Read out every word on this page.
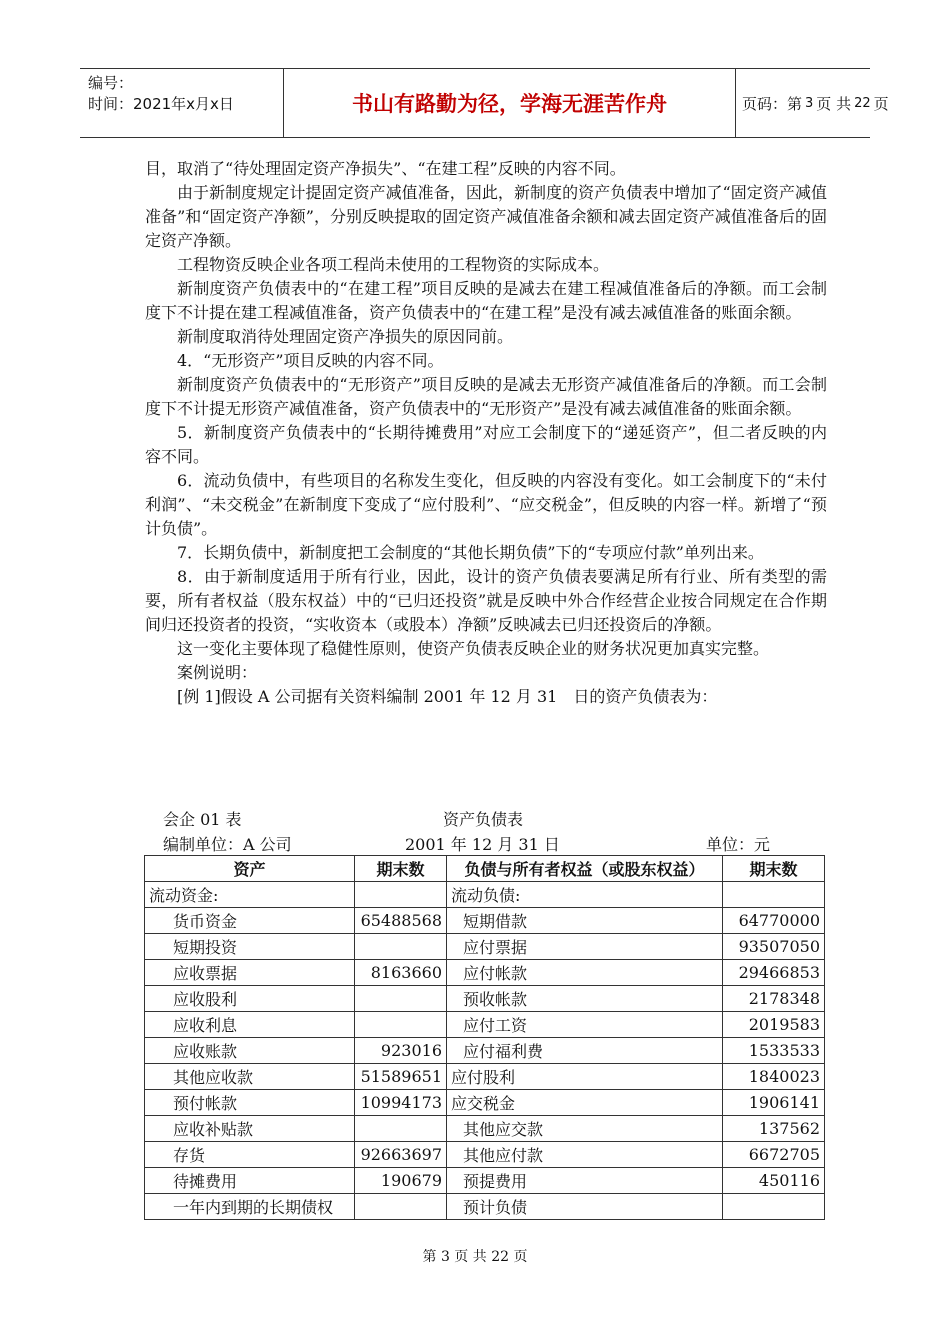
编号：
时间：2021年x月x日	书山有路勤为径，学海无涯苦作舟	页码：第 3 页 共 22 页

目，取消了“待处理固定资产净损失”、“在建工程”反映的内容不同。

由于新制度规定计提固定资产减值准备，因此，新制度的资产负债表中增加了“固定资产减值准备”和“固定资产净额”，分别反映提取的固定资产减值准备余额和减去固定资产减值准备后的固定资产净额。

工程物资反映企业各项工程尚未使用的工程物资的实际成本。

新制度资产负债表中的“在建工程”项目反映的是减去在建工程减值准备后的净额。而工会制度下不计提在建工程减值准备，资产负债表中的“在建工程”是没有减去减值准备的账面余额。

新制度取消待处理固定资产净损失的原因同前。

4．“无形资产”项目反映的内容不同。

新制度资产负债表中的“无形资产”项目反映的是减去无形资产减值准备后的净额。而工会制度下不计提无形资产减值准备，资产负债表中的“无形资产”是没有减去减值准备的账面余额。

5．新制度资产负债表中的“长期待摊费用”对应工会制度下的“递延资产”，但二者反映的内容不同。

6．流动负债中，有些项目的名称发生变化，但反映的内容没有变化。如工会制度下的“未付利润”、“未交税金”在新制度下变成了“应付股利”、“应交税金”，但反映的内容一样。新增了“预计负债”。

7．长期负债中，新制度把工会制度的“其他长期负债”下的“专项应付款”单列出来。

8．由于新制度适用于所有行业，因此，设计的资产负债表要满足所有行业、所有类型的需要，所有者权益（股东权益）中的“已归还投资”就是反映中外合作经营企业按合同规定在合作期间归还投资者的投资，“实收资本（或股本）净额”反映减去已归还投资后的净额。

这一变化主要体现了稳健性原则，使资产负债表反映企业的财务状况更加真实完整。

案例说明：

[例 1]假设 A 公司据有关资料编制 2001 年 12 月 31　日的资产负债表为：

会企 01 表	资产负债表
编制单位：A 公司	2001 年 12 月 31 日	单位：元
资产	期末数	负债与所有者权益（或股东权益）	期末数
流动资金:		流动负债:	
货币资金	65488568	短期借款	64770000
短期投资		应付票据	93507050
应收票据	8163660	应付帐款	29466853
应收股利		预收帐款	2178348
应收利息		应付工资	2019583
应收账款	923016	应付福利费	1533533
其他应收款	51589651	应付股利	1840023
预付帐款	10994173	应交税金	1906141
应收补贴款		其他应交款	137562
存货	92663697	其他应付款	6672705
待摊费用	190679	预提费用	450116
一年内到期的长期债权		预计负债	
第 3 页 共 22 页
